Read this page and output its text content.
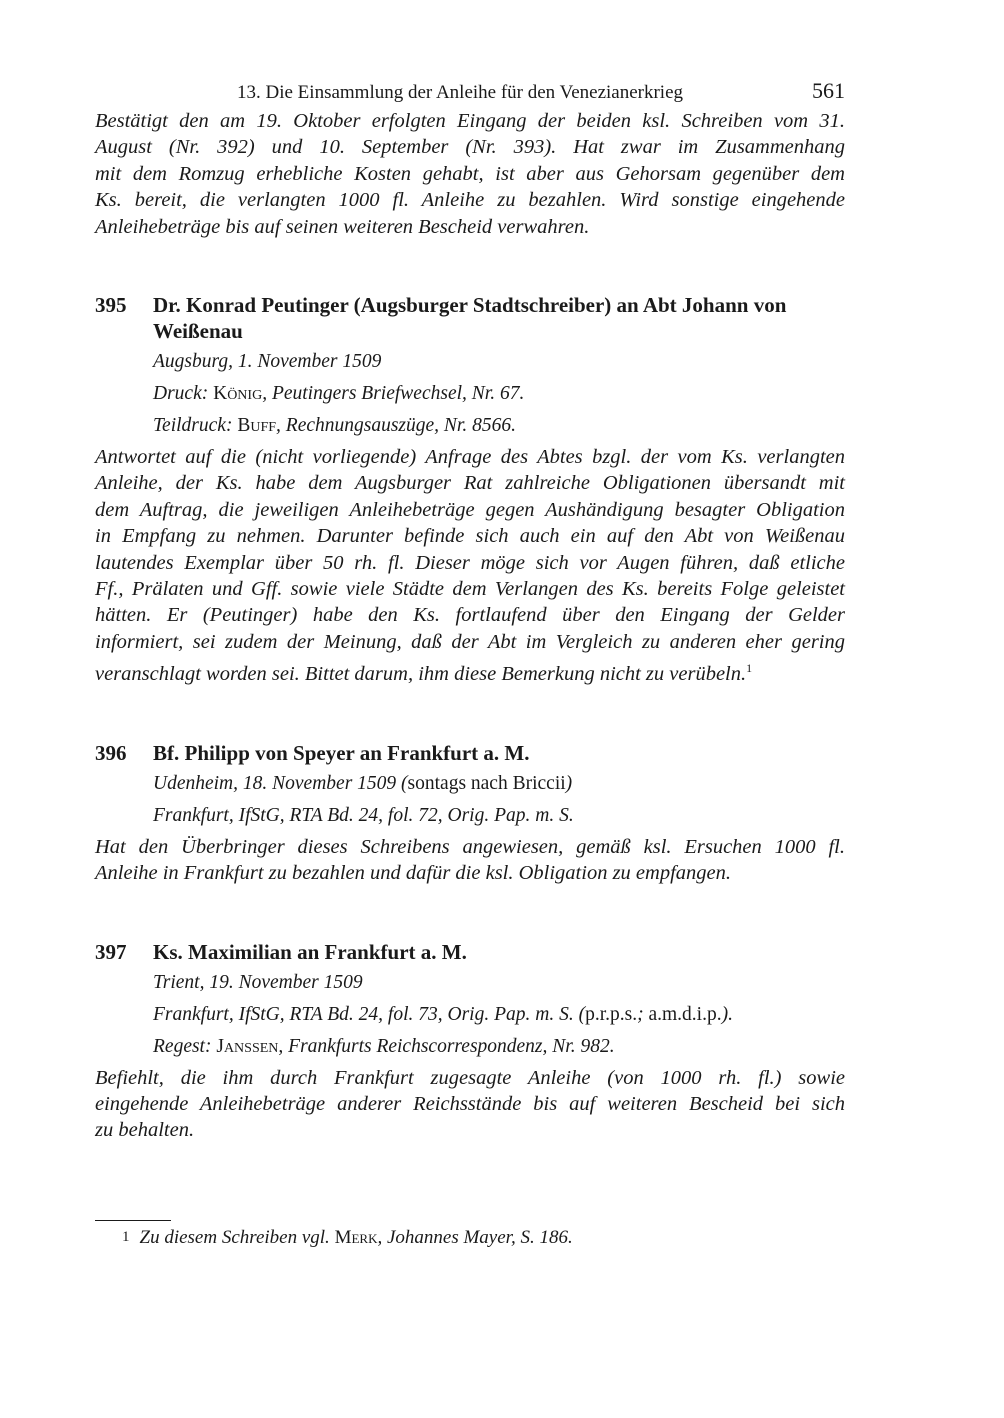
13. Die Einsammlung der Anleihe für den Venezianerkrieg	561

Bestätigt den am 19. Oktober erfolgten Eingang der beiden ksl. Schreiben vom 31.
August (Nr. 392) und 10. September (Nr. 393). Hat zwar im Zusammenhang
mit dem Romzug erhebliche Kosten gehabt, ist aber aus Gehorsam gegenüber dem
Ks. bereit, die verlangten 1000 fl. Anleihe zu bezahlen. Wird sonstige eingehende
Anleihebeträge bis auf seinen weiteren Bescheid verwahren.

395	Dr. Konrad Peutinger (Augsburger Stadtschreiber) an Abt Johann von Weißenau
Augsburg, 1. November 1509
Druck: König, Peutingers Briefwechsel, Nr. 67.
Teildruck: Buff, Rechnungsauszüge, Nr. 8566.

Antwortet auf die (nicht vorliegende) Anfrage des Abtes bzgl. der vom Ks. verlangten
Anleihe, der Ks. habe dem Augsburger Rat zahlreiche Obligationen übersandt mit
dem Auftrag, die jeweiligen Anleihebeträge gegen Aushändigung besagter Obligation
in Empfang zu nehmen. Darunter befinde sich auch ein auf den Abt von Weißenau
lautendes Exemplar über 50 rh. fl. Dieser möge sich vor Augen führen, daß etliche
Ff., Prälaten und Gff. sowie viele Städte dem Verlangen des Ks. bereits Folge geleistet
hätten. Er (Peutinger) habe den Ks. fortlaufend über den Eingang der Gelder
informiert, sei zudem der Meinung, daß der Abt im Vergleich zu anderen eher gering
veranschlagt worden sei. Bittet darum, ihm diese Bemerkung nicht zu verübeln.$^1$

396	Bf. Philipp von Speyer an Frankfurt a. M.
Udenheim, 18. November 1509 (sontags nach Briccii)
Frankfurt, IfStG, RTA Bd. 24, fol. 72, Orig. Pap. m. S.

Hat den Überbringer dieses Schreibens angewiesen, gemäß ksl. Ersuchen 1000 fl.
Anleihe in Frankfurt zu bezahlen und dafür die ksl. Obligation zu empfangen.

397	Ks. Maximilian an Frankfurt a. M.
Trient, 19. November 1509
Frankfurt, IfStG, RTA Bd. 24, fol. 73, Orig. Pap. m. S. (p.r.p.s.; a.m.d.i.p.).
Regest: Janssen, Frankfurts Reichscorrespondenz, Nr. 982.

Befiehlt, die ihm durch Frankfurt zugesagte Anleihe (von 1000 rh. fl.) sowie
eingehende Anleihebeträge anderer Reichsstände bis auf weiteren Bescheid bei sich
zu behalten.

1 Zu diesem Schreiben vgl. Merk, Johannes Mayer, S. 186.
